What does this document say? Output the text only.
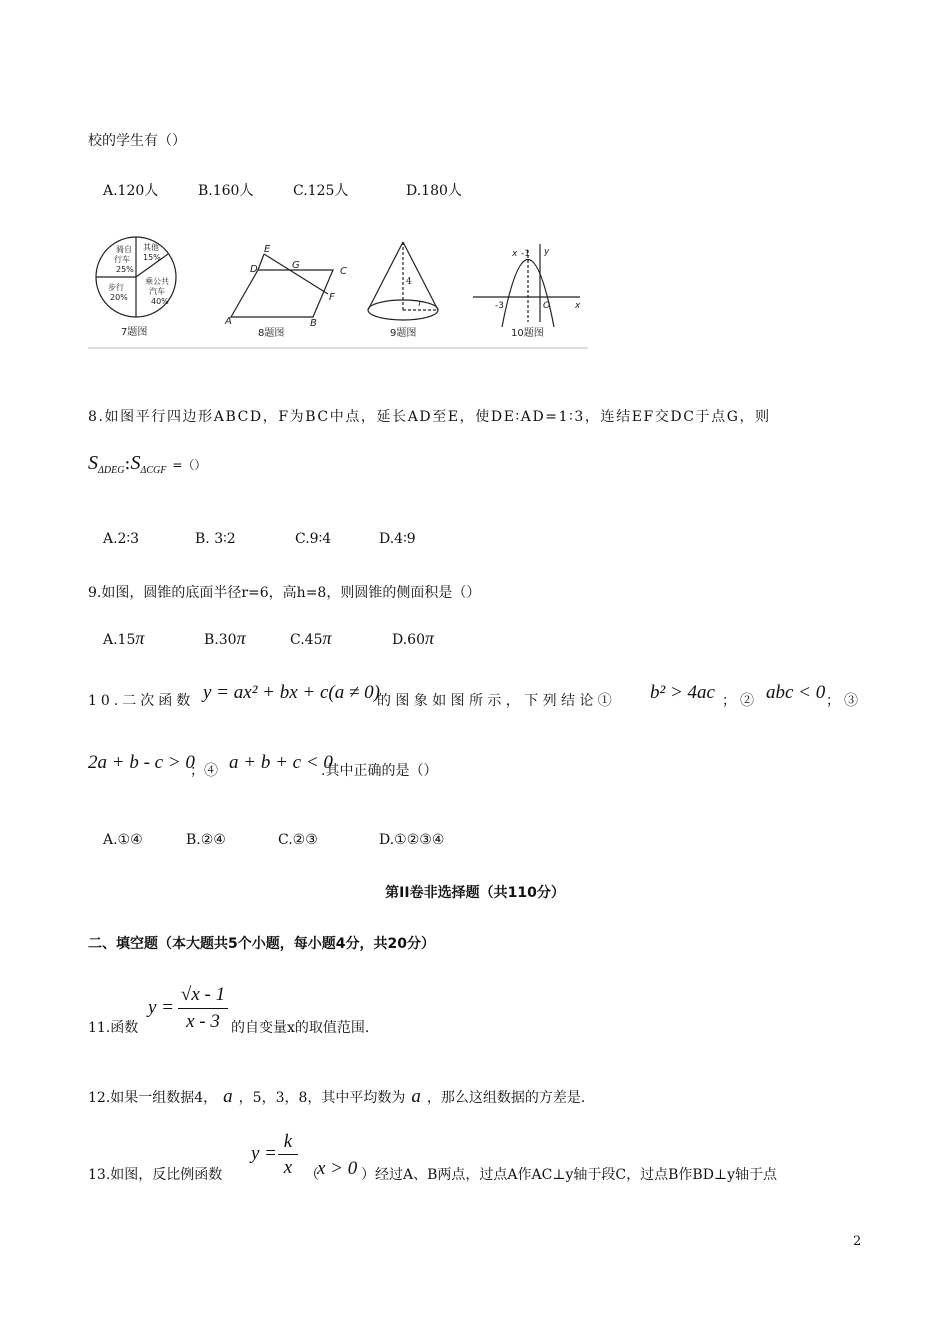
校的学生有（）
A.120人	B.160人	C.125人	D.180人
骑自
行车
25%
其他
15%
乘公共
汽车
40%
步行
20%
7题图
E
D	G
C
F
A	B
8题图
4
r
9题图
x -1 y
-3	O	x
10题图
8.如图平行四边形ABCD，F为BC中点，延长AD至E，使DE∶AD=1∶3，连结EF交DC于点G，则
$S_{\Delta DEG}:S_{\Delta CGF}$ =（）
A.2∶3	B. 3∶2	C.9∶4	D.4∶9
9.如图，圆锥的底面半径r=6，高h=8，则圆锥的侧面积是（）
A.15π	B.30π	C.45π	D.60π
10.二次函数 y = ax² + bx + c(a ≠ 0)
的图象如图所示，下列结论① b² > 4ac ；② abc < 0 ；③
2a + b - c > 0
；④ a + b + c < 0
.其中正确的是（）
A.①④	B.②④	C.②③	D.①②③④
第II卷非选择题（共110分）
二、填空题（本大题共5个小题，每小题4分，共20分）
11.函数
$y = \frac{√x - 1}{x - 3}$ 的自变量x的取值范围.
12.如果一组数据4， a ，5，3，8，其中平均数为 a ，那么这组数据的方差是.
13.如图，反比例函数
$y = \frac{k}{x}$ （
x > 0 ）经过A、B两点，过点A作AC⊥y轴于段C，过点B作BD⊥y轴于点
2
